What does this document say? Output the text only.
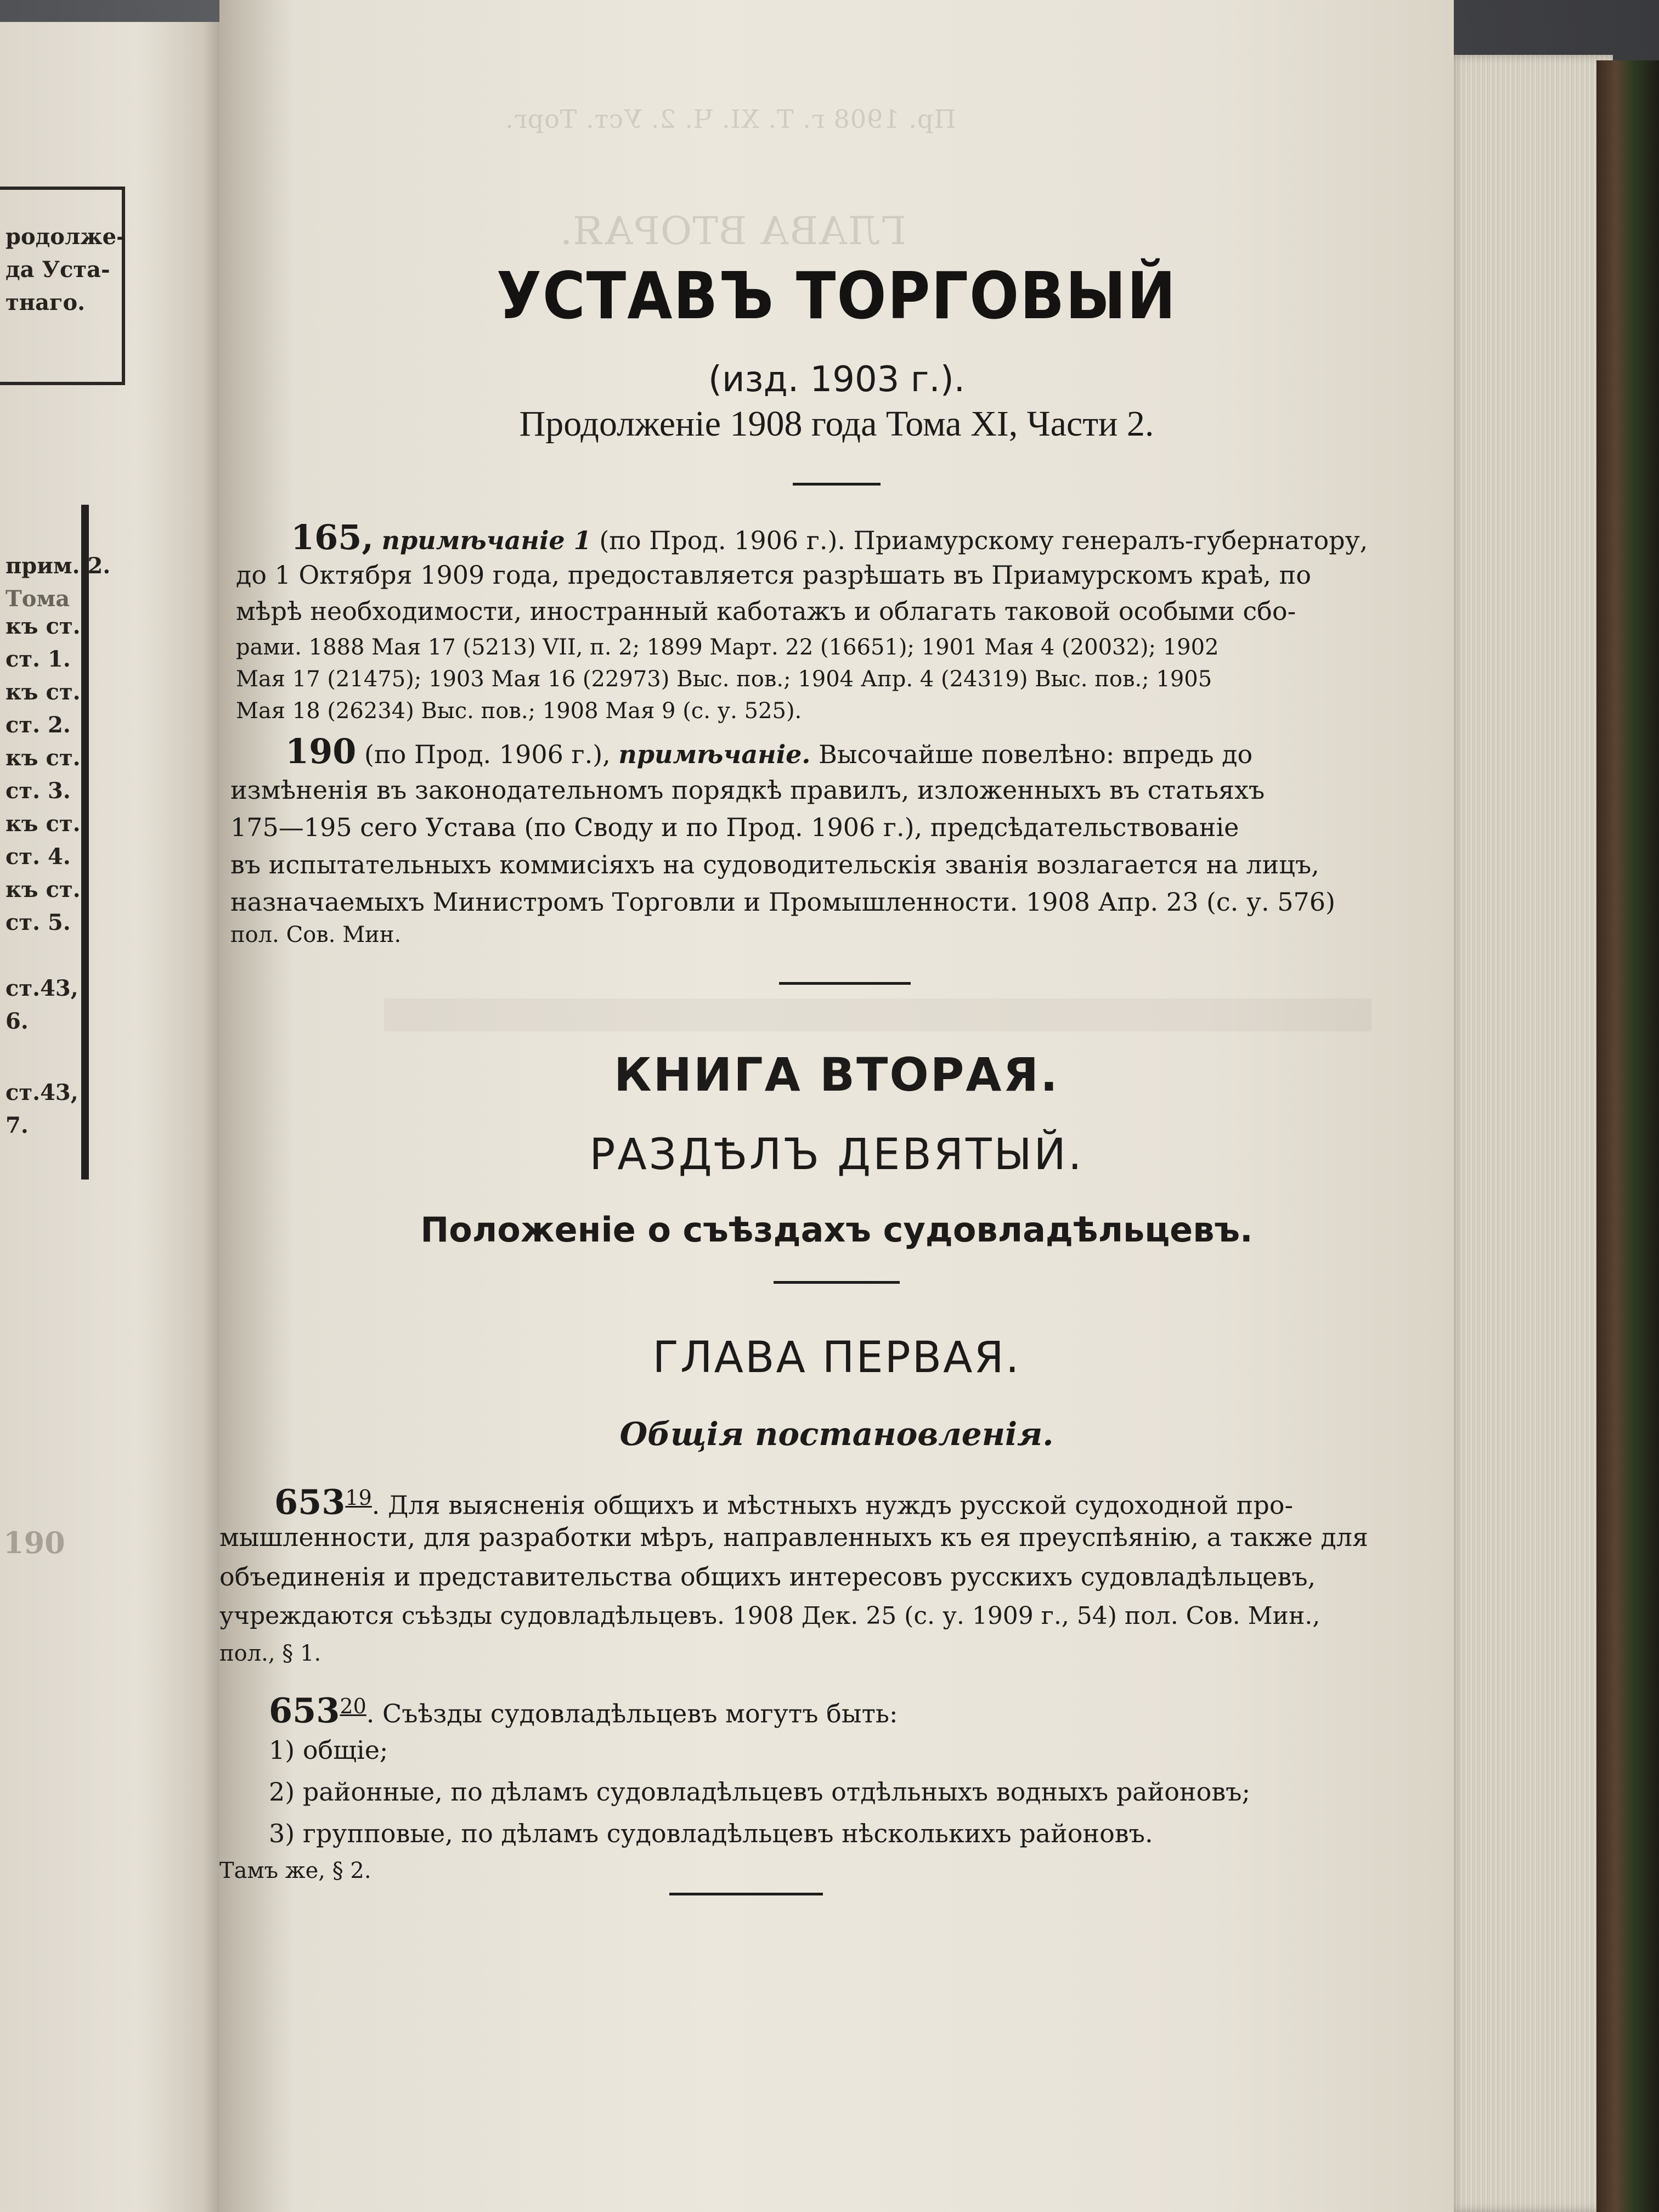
родолже-
да Уста-
тнаго.
прим. 2.
Тома
къ ст.
ст. 1.
къ ст.
ст. 2.
къ ст.
ст. 3.
къ ст.
ст. 4.
къ ст.
ст. 5.
ст.43,
6.
ст.43,
7.
190
Пр. 1908 г. Т. XI. Ч. 2. Уст. Торг.
ГЛАВА ВТОРАЯ.
УСТАВЪ ТОРГОВЫЙ
(изд. 1903 г.).
Продолженіе 1908 года Тома XI, Части 2.
165, примѣчаніе 1 (по Прод. 1906 г.). Приамурскому генералъ-губернатору,
до 1 Октября 1909 года, предоставляется разрѣшать въ Приамурскомъ краѣ, по
мѣрѣ необходимости, иностранный каботажъ и облагать таковой особыми сбо-
рами. 1888 Мая 17 (5213) VII, п. 2; 1899 Март. 22 (16651); 1901 Мая 4 (20032); 1902
Мая 17 (21475); 1903 Мая 16 (22973) Выс. пов.; 1904 Апр. 4 (24319) Выс. пов.; 1905
Мая 18 (26234) Выс. пов.; 1908 Мая 9 (с. у. 525).
190 (по Прод. 1906 г.), примѣчаніе. Высочайше повелѣно: впредь до
измѣненія въ законодательномъ порядкѣ правилъ, изложенныхъ въ статьяхъ
175—195 сего Устава (по Своду и по Прод. 1906 г.), предсѣдательствованіе
въ испытательныхъ коммисіяхъ на судоводительскія званія возлагается на лицъ,
назначаемыхъ Министромъ Торговли и Промышленности. 1908 Апр. 23 (с. у. 576)
пол. Сов. Мин.
КНИГА ВТОРАЯ.
РАЗДѢЛЪ ДЕВЯТЫЙ.
Положеніе о съѣздахъ судовладѣльцевъ.
ГЛАВА ПЕРВАЯ.
Общія постановленія.
$653^{19}$. Для выясненія общихъ и мѣстныхъ нуждъ русской судоходной про-
мышленности, для разработки мѣръ, направленныхъ къ ея преуспѣянію, а также для
объединенія и представительства общихъ интересовъ русскихъ судовладѣльцевъ,
учреждаются съѣзды судовладѣльцевъ. 1908 Дек. 25 (с. у. 1909 г., 54) пол. Сов. Мин.,
пол., § 1.
$653^{20}$. Съѣзды судовладѣльцевъ могутъ быть:
1) общіе;
2) районные, по дѣламъ судовладѣльцевъ отдѣльныхъ водныхъ районовъ;
3) групповые, по дѣламъ судовладѣльцевъ нѣсколькихъ районовъ.
Тамъ же, § 2.
